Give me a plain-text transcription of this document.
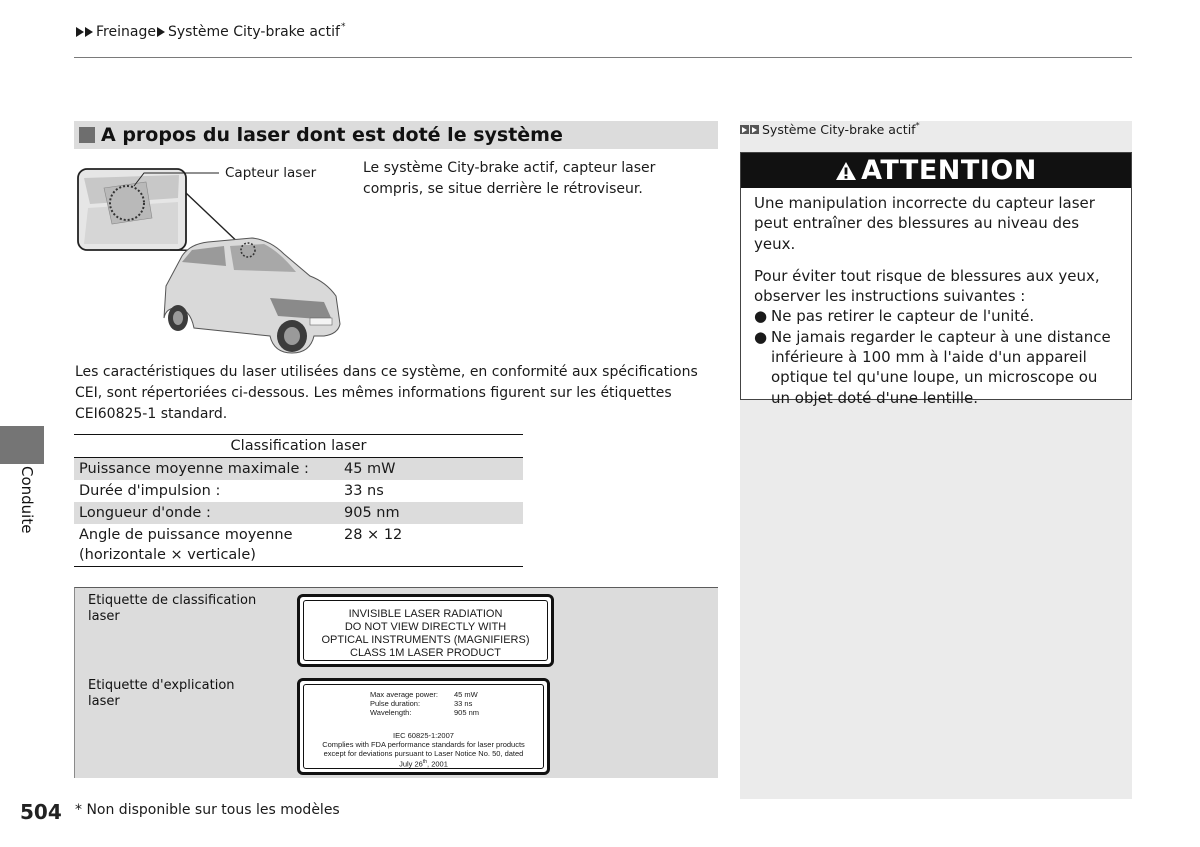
Freinage Système City-brake actif*
A propos du laser dont est doté le système
Capteur laser	Le système City-brake actif, capteur laser compris, se situe derrière le rétroviseur.
Les caractéristiques du laser utilisées dans ce système, en conformité aux spécifications CEI, sont répertoriées ci-dessous. Les mêmes informations figurent sur les étiquettes CEI60825-1 standard.
Classification laser
Puissance moyenne maximale :	45 mW
Durée d'impulsion :	33 ns
Longueur d'onde :	905 nm
Angle de puissance moyenne (horizontale × verticale)
28 × 12
Etiquette de classification laser	INVISIBLE LASER RADIATION
DO NOT VIEW DIRECTLY WITH
OPTICAL INSTRUMENTS (MAGNIFIERS)
CLASS 1M LASER PRODUCT
Etiquette d'explication laser	Max average power:	45 mW
Pulse duration:	33 ns
Wavelength:	905 nm
IEC 60825-1:2007
Complies with FDA performance standards for laser products except for deviations pursuant to Laser Notice No. 50, dated
July 26th, 2001
Système City-brake actif*
ATTENTION

Une manipulation incorrecte du capteur laser peut entraîner des blessures au niveau des yeux.

Pour éviter tout risque de blessures aux yeux, observer les instructions suivantes :

● Ne pas retirer le capteur de l'unité.
● Ne jamais regarder le capteur à une distance inférieure à 100 mm à l'aide d'un appareil optique tel qu'une loupe, un microscope ou un objet doté d'une lentille.
Conduite
504 * Non disponible sur tous les modèles
